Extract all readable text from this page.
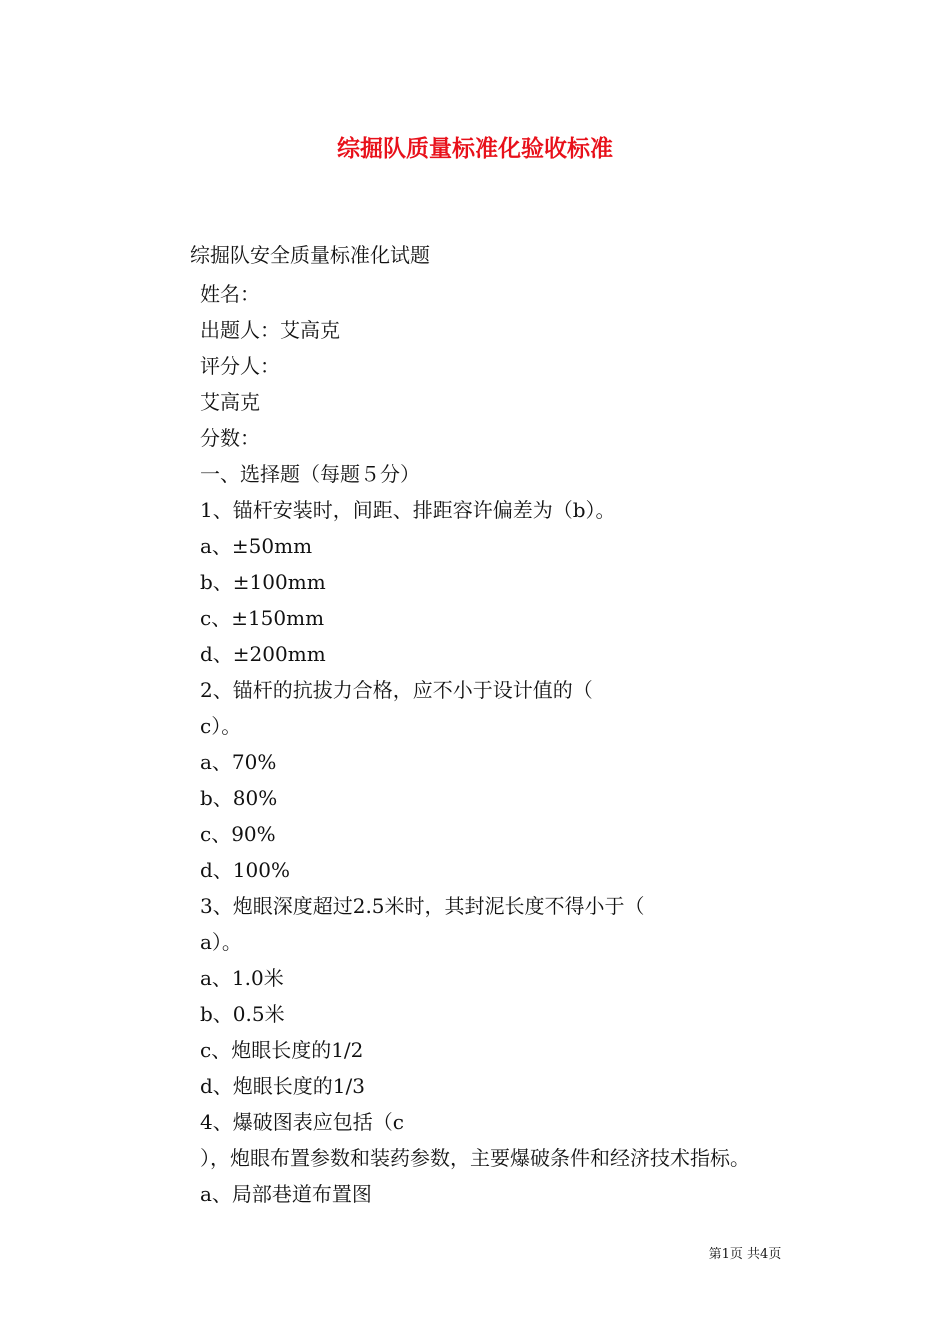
综掘队质量标准化验收标准

综掘队安全质量标准化试题

姓名：
出题人：艾高克
评分人：
艾高克
分数：
一、选择题（每题５分）
1、锚杆安装时，间距、排距容许偏差为（b）。
a、±50mm
b、±100mm
c、±150mm
d、±200mm
2、锚杆的抗拔力合格，应不小于设计值的（
c）。
a、70%
b、80%
c、90%
d、100%
3、炮眼深度超过2.5米时，其封泥长度不得小于（
a）。
a、1.0米
b、0.5米
c、炮眼长度的1/2
d、炮眼长度的1/3
4、爆破图表应包括（c
），炮眼布置参数和装药参数，主要爆破条件和经济技术指标。
a、局部巷道布置图
第1页 共4页
